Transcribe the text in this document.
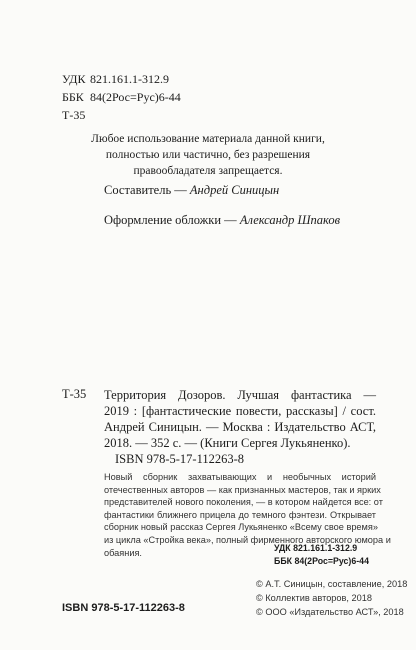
УДК 821.161.1-312.9
ББК 84(2Рос=Рус)6-44
Т-35
Любое использование материала данной книги,
полностью или частично, без разрешения
правообладателя запрещается.
Составитель — Андрей Синицын
Оформление обложки — Александр Шпаков
Т-35 Территория Дозоров. Лучшая фантастика —
2019 : [фантастические повести, рассказы] / сост.
Андрей Синицын. — Москва : Издательство АСТ,
2018. — 352 с. — (Книги Сергея Лукьяненко).
ISBN 978-5-17-112263-8
Новый сборник захватывающих и необычных историй
отечественных авторов — как признанных мастеров, так и ярких
представителей нового поколения, — в котором найдется все: от
фантастики ближнего прицела до темного фэнтези. Открывает
сборник новый рассказ Сергея Лукьяненко «Всему свое время»
из цикла «Стройка века», полный фирменного авторского юмора и
обаяния.	УДК 821.161.1-312.9
ББК 84(2Рос=Рус)6-44
© А.Т. Синицын, составление, 2018
© Коллектив авторов, 2018
© ООО «Издательство АСТ», 2018
ISBN 978-5-17-112263-8
